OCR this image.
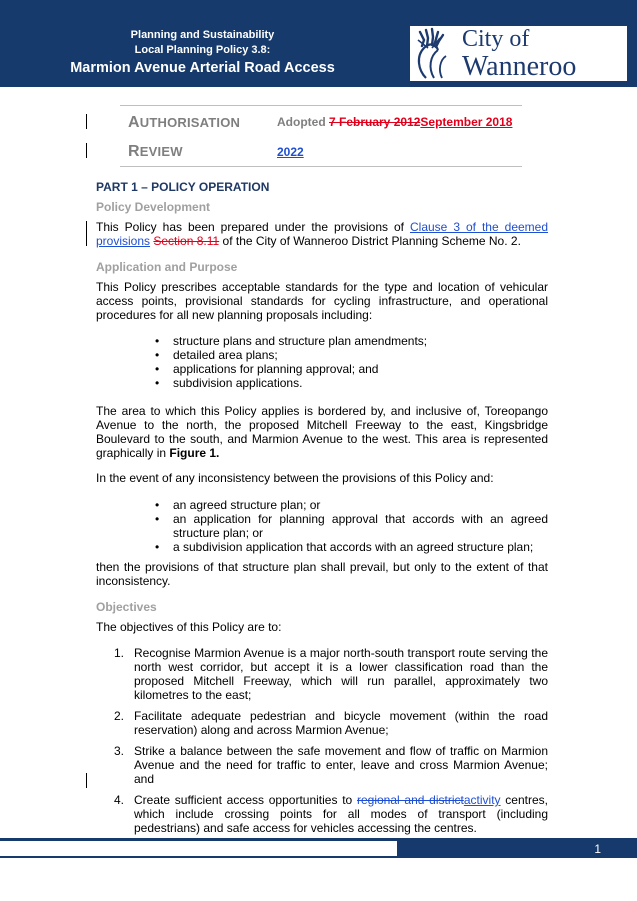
Planning and Sustainability
Local Planning Policy 3.8:
Marmion Avenue Arterial Road Access
City of
Wanneroo
AUTHORISATION	Adopted 7 February 2012September 2018
REVIEW	2022
PART 1 – POLICY OPERATION
Policy Development

This Policy has been prepared under the provisions of Clause 3 of the deemed provisions Section 8.11 of the City of Wanneroo District Planning Scheme No. 2.

Application and Purpose

This Policy prescribes acceptable standards for the type and location of vehicular access points, provisional standards for cycling infrastructure, and operational procedures for all new planning proposals including:

• structure plans and structure plan amendments;
• detailed area plans;
• applications for planning approval; and
• subdivision applications.

The area to which this Policy applies is bordered by, and inclusive of, Toreopango Avenue to the north, the proposed Mitchell Freeway to the east, Kingsbridge Boulevard to the south, and Marmion Avenue to the west. This area is represented graphically in Figure 1.

In the event of any inconsistency between the provisions of this Policy and:

• an agreed structure plan; or
• an application for planning approval that accords with an agreed structure plan; or
• a subdivision application that accords with an agreed structure plan;

then the provisions of that structure plan shall prevail, but only to the extent of that inconsistency.

Objectives

The objectives of this Policy are to:

1. Recognise Marmion Avenue is a major north-south transport route serving the north west corridor, but accept it is a lower classification road than the proposed Mitchell Freeway, which will run parallel, approximately two kilometres to the east;
2. Facilitate adequate pedestrian and bicycle movement (within the road reservation) along and across Marmion Avenue;
3. Strike a balance between the safe movement and flow of traffic on Marmion Avenue and the need for traffic to enter, leave and cross Marmion Avenue; and
4. Create sufficient access opportunities to regional and districtactivity centres, which include crossing points for all modes of transport (including pedestrians) and safe access for vehicles accessing the centres.
1
